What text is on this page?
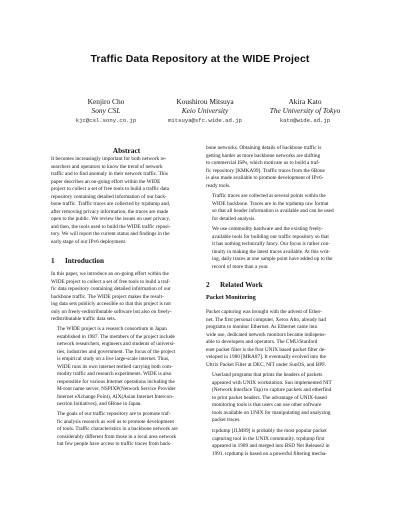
Traffic Data Repository at the WIDE Project
Kenjiro Cho
Sony CSL
kjc@csl.sony.co.jp
Koushirou Mitsuya
Keio University
mitsuya@sfc.wide.ad.jp
Akira Kato
The University of Tokyo
kato@wide.ad.jp
Abstract
It becomes increasingly important for both network re-
searchers and operators to know the trend of network
traffic and to find anomaly in their network traffic. This
paper describes an on-going effort within the WIDE
project to collect a set of free tools to build a traffic data
repository containing detailed information of our back-
bone traffic. Traffic traces are collected by tcpdump and,
after removing privacy information, the traces are made
open to the public. We review the issues on user privacy,
and then, the tools used to build the WIDE traffic reposi-
tory. We will report the current status and findings in the
early stage of our IPv6 deployment.
1 Introduction
In this paper, we introduce an on-going effort within the
WIDE project to collect a set of free tools to build a traf-
fic data repository containing detailed information of our
backbone traffic. The WIDE project makes the result-
ing data sets publicly accessible so that this project is not
only on freely-redistributable software but also on freely-
redistributable traffic data sets.
The WIDE project is a research consortium in Japan
established in 1987. The members of the project include
network researchers, engineers and students of universi-
ties, industries and government. The focus of the project
is empirical study on a live large-scale internet. Thus,
WIDE runs its own internet testbed carrying both com-
modity traffic and research experiments. WIDE is also
responsible for various Internet operations including the
M-root name server, NSPIXP(Network Service Provider
Internet eXchange Point), AIX(Asian Internet Intercon-
nection Initiatives), and 6Bone in Japan.
The goals of our traffic repository are to promote traf-
fic analysis research as well as to promote development
of tools. Traffic characteristics in a backbone network are
considerably different from those in a local area network
but few people have access to traffic traces from back-
bone networks. Obtaining details of backbone traffic is
getting harder as more backbone networks are shifting
to commercial ISPs, which motivate us to build a traf-
fic repository [KMKA99]. Traffic traces from the 6Bone
is also made available to promote development of IPv6-
ready tools.
Traffic traces are collected at several points within the
WIDE backbone. Traces are in the tcpdump raw format
so that all header information is available and can be used
for detailed analysis.
We use commodity hardware and the existing freely-
available tools for building our traffic repository so that
it has nothing technically fancy. Our focus is rather con-
tinuity in making the latest traces available. At this writ-
ing, daily traces at one sample point have added up to the
record of more than a year.
2 Related Work
Packet Monitoring
Packet capturing was brought with the advent of Ether-
net. The first personal computer, Xerox Alto, already had
programs to monitor Ethernet. As Ethernet came into
wide use, dedicated network monitors became indispens-
able to developers and operators. The CMU/Stanford
enet packet filter is the first UNIX based packet filter de-
veloped in 1980 [MRA87]. It eventually evolved into the
Ultrix Packet Filter at DEC, NIT under SunOS, and BPF.
Userland programs that prints the headers of packets
appeared with UNIX workstation. Sun implemented NIT
(Network Interface Tap) to capture packets and etherfind
to print packet headers. The advantage of UNIX-based
monitoring tools is that users can use other software
tools available on UNIX for manipulating and analyzing
packet traces.
tcpdump [JLM89] is probably the most popular packet
capturing tool in the UNIX community. tcpdump first
appeared in 1989 and merged into BSD Net Release2 in
1991. tcpdump is based on a powerful filtering mecha-
